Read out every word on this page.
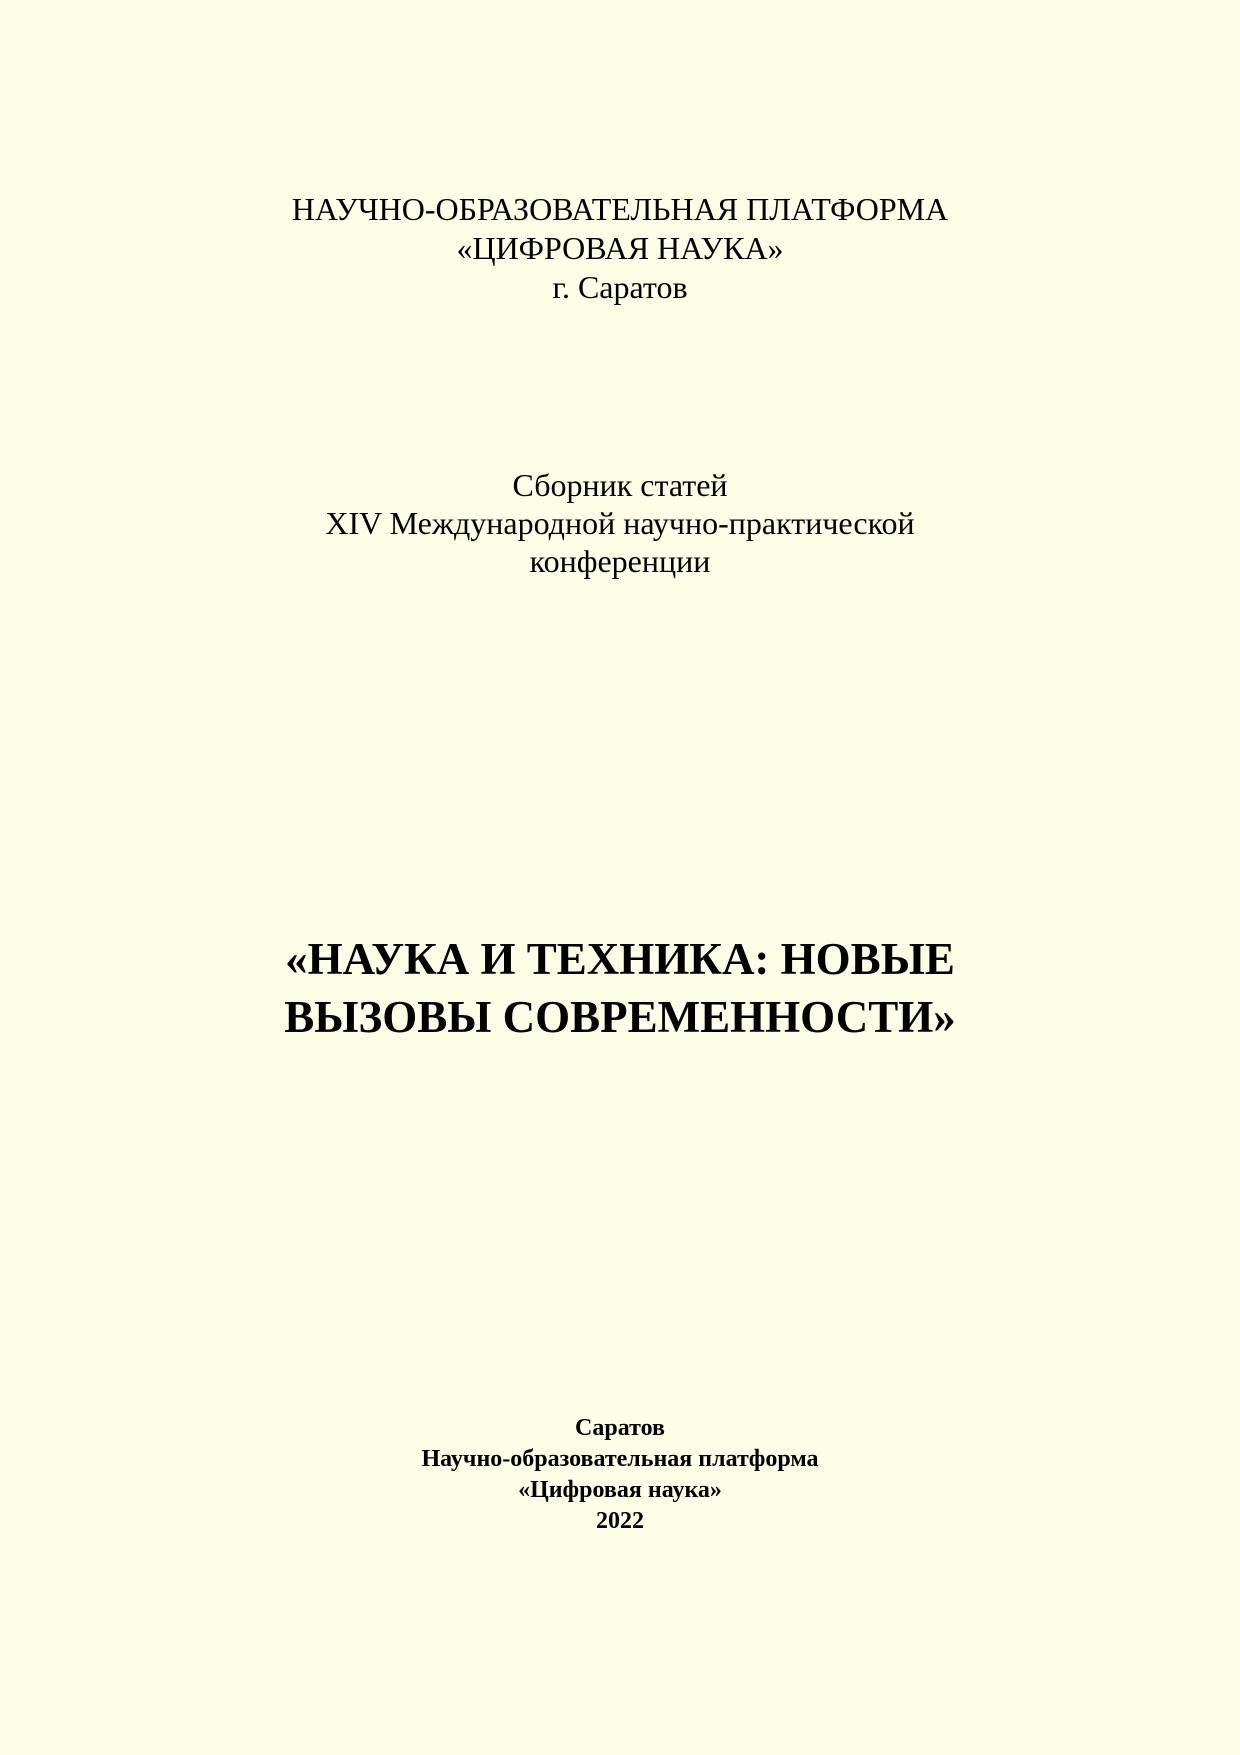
НАУЧНО-ОБРАЗОВАТЕЛЬНАЯ ПЛАТФОРМА
«ЦИФРОВАЯ НАУКА»
г. Саратов
Сборник статей
XIV Международной научно-практической
конференции
«НАУКА И ТЕХНИКА: НОВЫЕ
ВЫЗОВЫ СОВРЕМЕННОСТИ»
Саратов
Научно-образовательная платформа
«Цифровая наука»
2022
